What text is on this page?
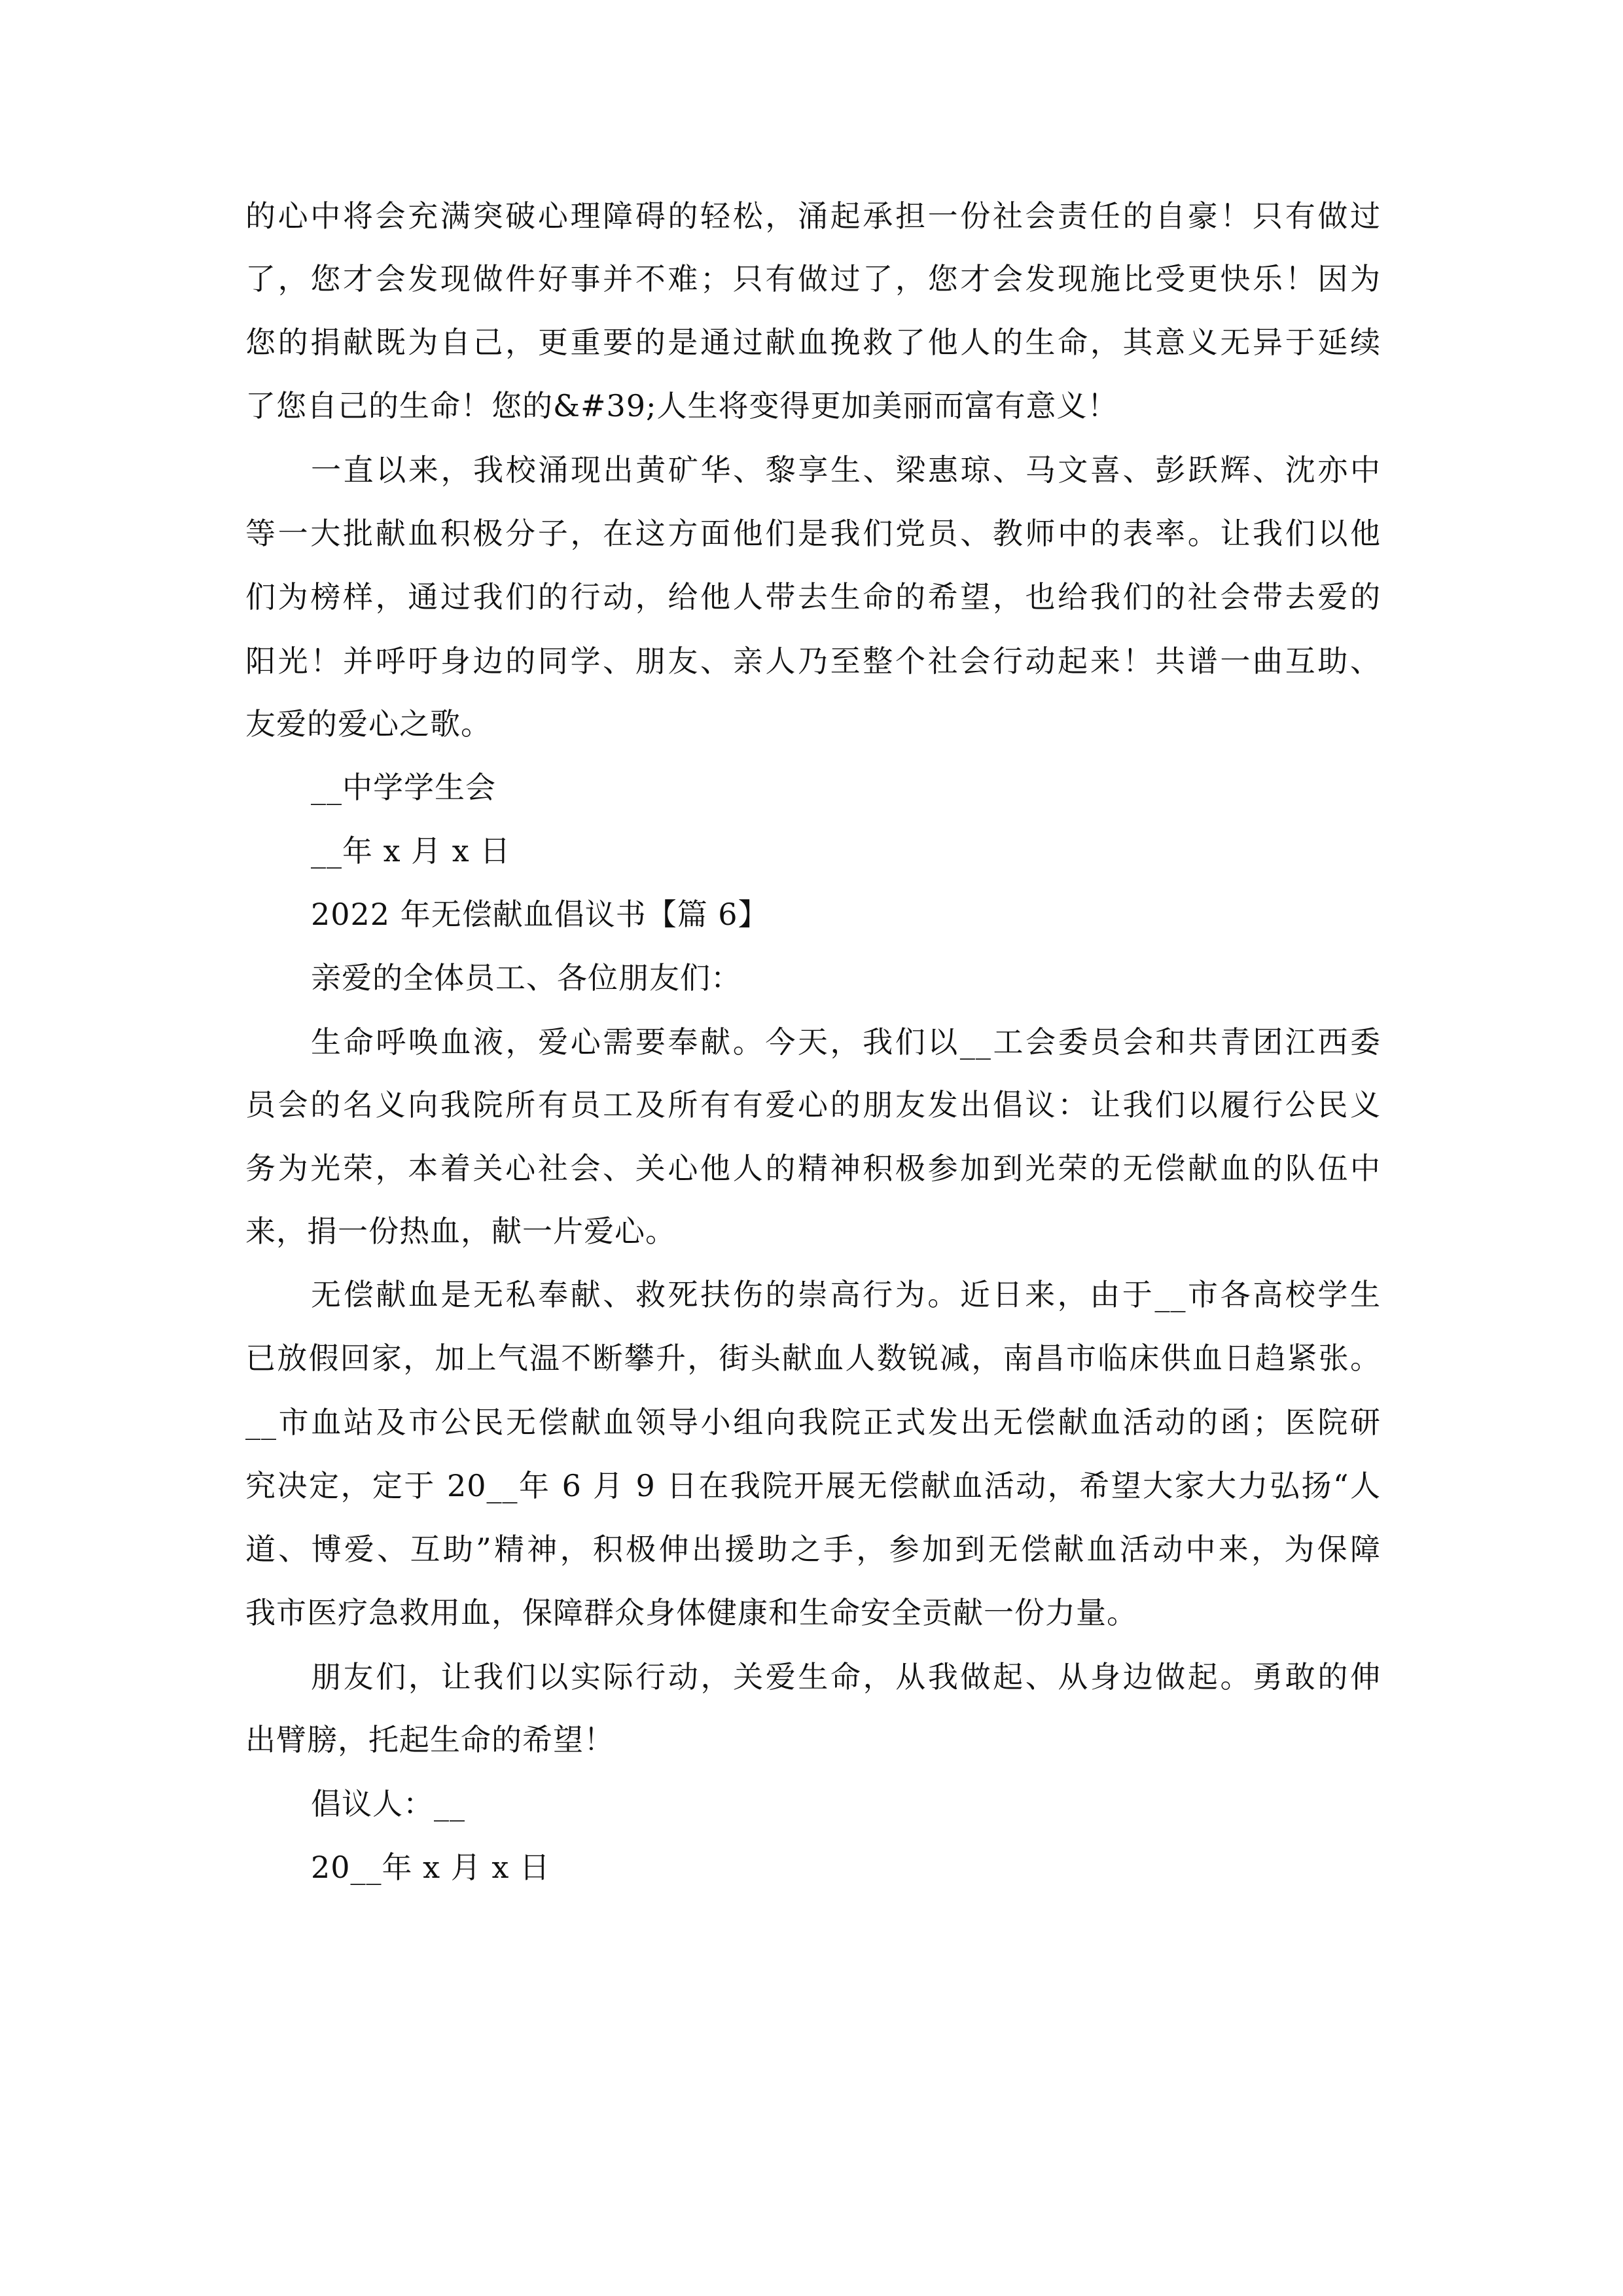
的心中将会充满突破心理障碍的轻松，涌起承担一份社会责任的自豪！只有做过
了，您才会发现做件好事并不难；只有做过了，您才会发现施比受更快乐！因为
您的捐献既为自己，更重要的是通过献血挽救了他人的生命，其意义无异于延续
了您自己的生命！您的&#39;人生将变得更加美丽而富有意义！
一直以来，我校涌现出黄矿华、黎享生、梁惠琼、马文喜、彭跃辉、沈亦中
等一大批献血积极分子，在这方面他们是我们党员、教师中的表率。让我们以他
们为榜样，通过我们的行动，给他人带去生命的希望，也给我们的社会带去爱的
阳光！并呼吁身边的同学、朋友、亲人乃至整个社会行动起来！共谱一曲互助、
友爱的爱心之歌。
__中学学生会
__年 x 月 x 日
2022 年无偿献血倡议书【篇 6】
亲爱的全体员工、各位朋友们：
生命呼唤血液，爱心需要奉献。今天，我们以__工会委员会和共青团江西委
员会的名义向我院所有员工及所有有爱心的朋友发出倡议：让我们以履行公民义
务为光荣，本着关心社会、关心他人的精神积极参加到光荣的无偿献血的队伍中
来，捐一份热血，献一片爱心。
无偿献血是无私奉献、救死扶伤的崇高行为。近日来，由于__市各高校学生
已放假回家，加上气温不断攀升，街头献血人数锐减，南昌市临床供血日趋紧张。
__市血站及市公民无偿献血领导小组向我院正式发出无偿献血活动的函；医院研
究决定，定于 20__年 6 月 9 日在我院开展无偿献血活动，希望大家大力弘扬“人
道、博爱、互助”精神，积极伸出援助之手，参加到无偿献血活动中来，为保障
我市医疗急救用血，保障群众身体健康和生命安全贡献一份力量。
朋友们，让我们以实际行动，关爱生命，从我做起、从身边做起。勇敢的伸
出臂膀，托起生命的希望！
倡议人：__
20__年 x 月 x 日
